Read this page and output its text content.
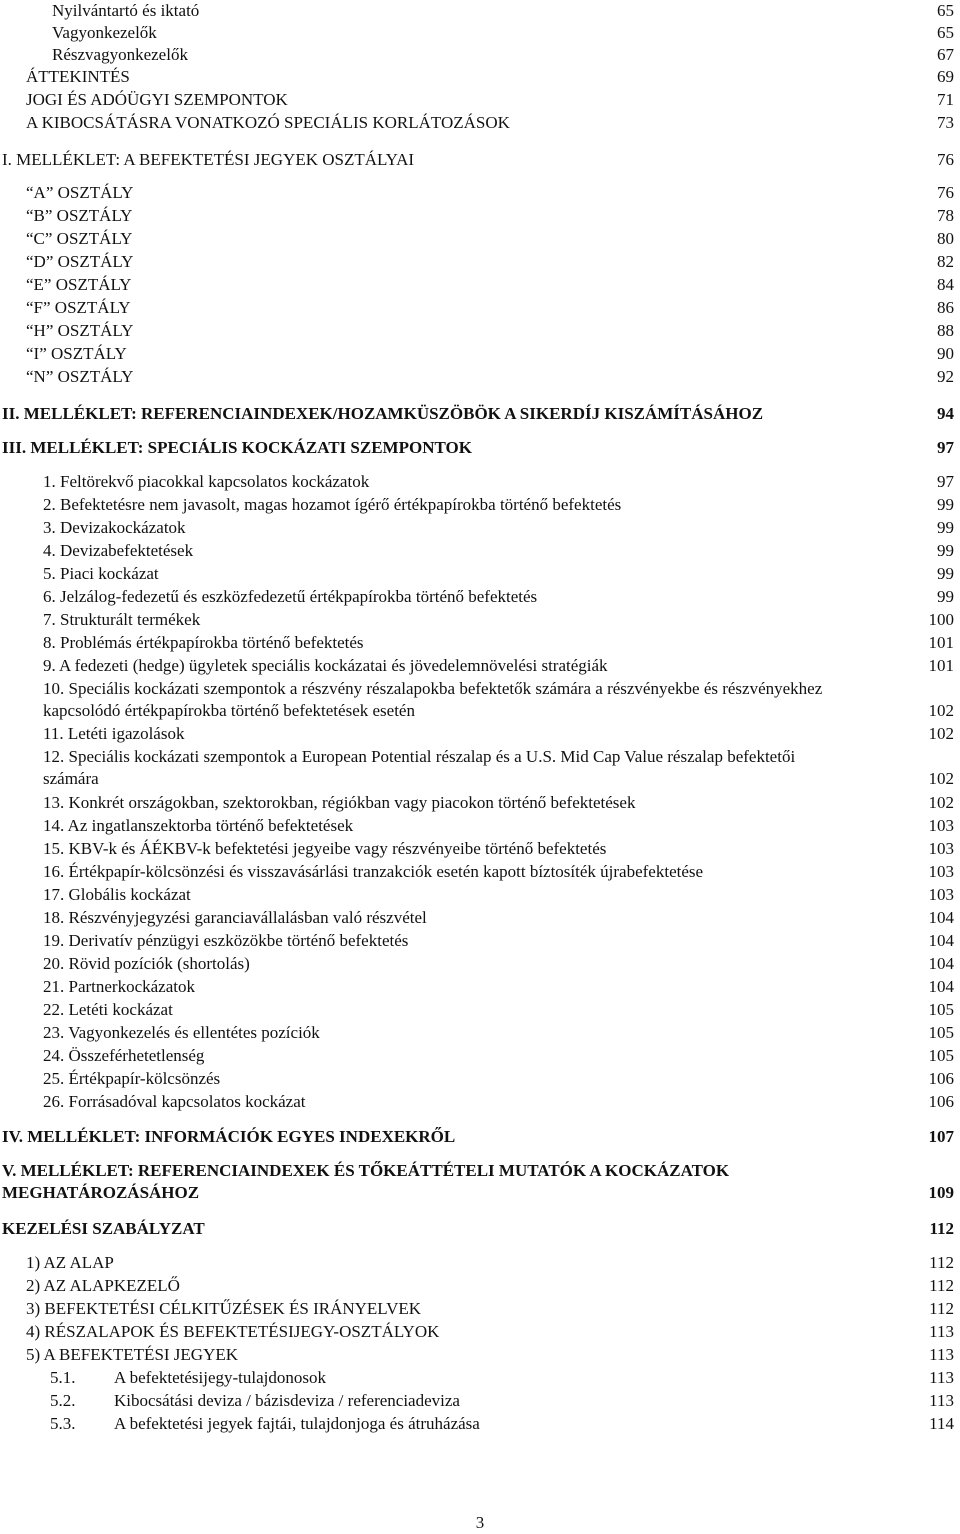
Nyilvántartó és iktató	65
Vagyonkezelők	65
Részvagyonkezelők	67
ÁTTEKINTÉS	69
JOGI ÉS ADÓÜGYI SZEMPONTOK	71
A KIBOCSÁTÁSRA VONATKOZÓ SPECIÁLIS KORLÁTOZÁSOK	73
I. MELLÉKLET: A BEFEKTETÉSI JEGYEK OSZTÁLYAI	76
“A” OSZTÁLY	76
“B” OSZTÁLY	78
“C” OSZTÁLY	80
“D” OSZTÁLY	82
“E” OSZTÁLY	84
“F” OSZTÁLY	86
“H” OSZTÁLY	88
“I” OSZTÁLY	90
“N” OSZTÁLY	92
II. MELLÉKLET: REFERENCIAINDEXEK/HOZAMKÜSZÖBÖK A SIKERDÍJ KISZÁMÍTÁSÁHOZ	94
III. MELLÉKLET: SPECIÁLIS KOCKÁZATI SZEMPONTOK	97
1. Feltörekvő piacokkal kapcsolatos kockázatok	97
2. Befektetésre nem javasolt, magas hozamot ígérő értékpapírokba történő befektetés	99
3. Devizakockázatok	99
4. Devizabefektetések	99
5. Piaci kockázat	99
6. Jelzálog-fedezetű és eszközfedezetű értékpapírokba történő befektetés	99
7. Strukturált termékek	100
8. Problémás értékpapírokba történő befektetés	101
9. A fedezeti (hedge) ügyletek speciális kockázatai és jövedelemnövelési stratégiák	101
10. Speciális kockázati szempontok a részvény részalapokba befektetők számára a részvényekbe és részvényekhez
kapcsolódó értékpapírokba történő befektetések esetén	102
11. Letéti igazolások	102
12. Speciális kockázati szempontok a European Potential részalap és a U.S. Mid Cap Value részalap befektetői
számára	102
13. Konkrét országokban, szektorokban, régiókban vagy piacokon történő befektetések	102
14. Az ingatlanszektorba történő befektetések	103
15. KBV-k és ÁÉKBV-k befektetési jegyeibe vagy részvényeibe történő befektetés	103
16. Értékpapír-kölcsönzési és visszavásárlási tranzakciók esetén kapott bíztosíték újrabefektetése	103
17. Globális kockázat	103
18. Részvényjegyzési garanciavállalásban való részvétel	104
19. Derivatív pénzügyi eszközökbe történő befektetés	104
20. Rövid pozíciók (shortolás)	104
21. Partnerkockázatok	104
22. Letéti kockázat	105
23. Vagyonkezelés és ellentétes pozíciók	105
24. Összeférhetetlenség	105
25. Értékpapír-kölcsönzés	106
26. Forrásadóval kapcsolatos kockázat	106
IV. MELLÉKLET: INFORMÁCIÓK EGYES INDEXEKRŐL	107
V. MELLÉKLET: REFERENCIAINDEXEK ÉS TŐKEÁTTÉTELI MUTATÓK A KOCKÁZATOK
MEGHATÁROZÁSÁHOZ	109
KEZELÉSI SZABÁLYZAT	112
1) AZ ALAP	112
2) AZ ALAPKEZELŐ	112
3) BEFEKTETÉSI CÉLKITŰZÉSEK ÉS IRÁNYELVEK	112
4) RÉSZALAPOK ÉS BEFEKTETÉSIJEGY-OSZTÁLYOK	113
5) A BEFEKTETÉSI JEGYEK	113
5.1. A befektetésijegy-tulajdonosok	113
5.2. Kibocsátási deviza / bázisdeviza / referenciadeviza	113
5.3. A befektetési jegyek fajtái, tulajdonjoga és átruházása	114
3
